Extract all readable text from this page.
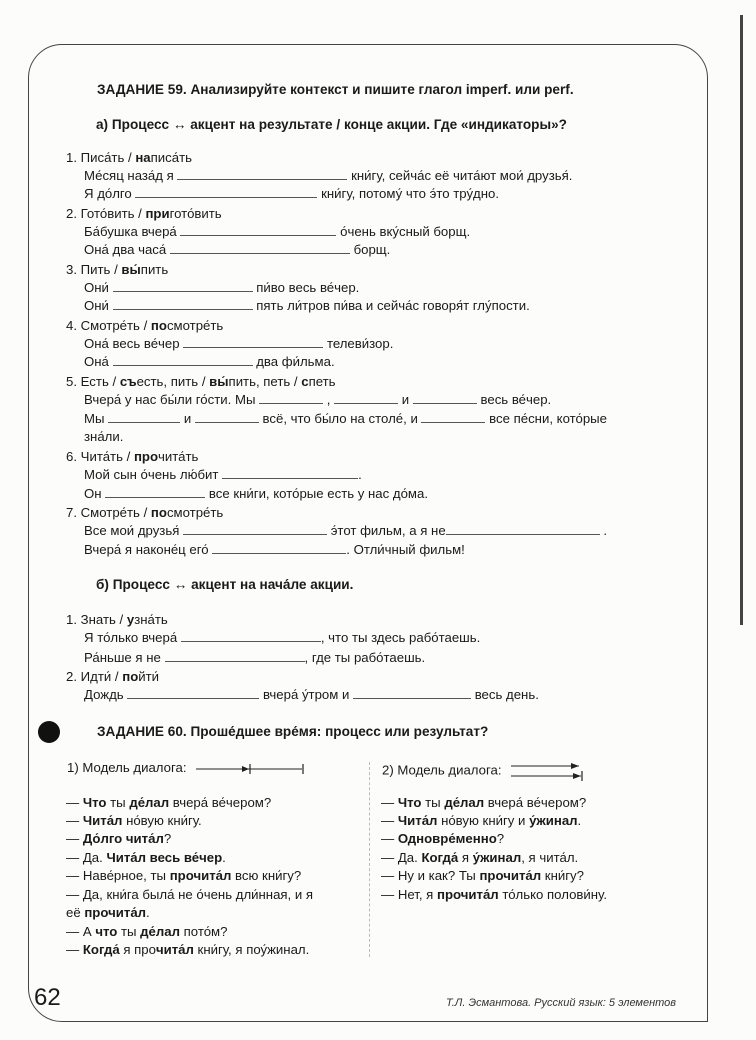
ЗАДАНИЕ 59. Анализируйте контекст и пишите глагол imperf. или perf.
а) Процесс ↔ акцент на результате / конце акции. Где «индикаторы»?
1. Писа́ть / написа́ть
Ме́сяц наза́д я	кни́гу, сейча́с её чита́ют мои́ друзья́.
Я до́лго	кни́гу, потому́ что э́то тру́дно.
2. Гото́вить / пригото́вить
Ба́бушка вчера́	о́чень вку́сный борщ.
Она́ два часа́	борщ.
3. Пить / вы́пить
Они́	пи́во весь ве́чер.
Они́	пять ли́тров пи́ва и сейча́с говоря́т глу́пости.
4. Смотре́ть / посмотре́ть
Она́ весь ве́чер	телеви́зор.
Она́	два фи́льма.
5. Есть / съесть, пить / вы́пить, петь / спеть
Вчера́ у нас бы́ли го́сти. Мы	,	и	весь ве́чер.
Мы	и	всё, что бы́ло на столе́, и	все пе́сни, кото́рые
зна́ли.
6. Чита́ть / прочита́ть
Мой сын о́чень лю́бит	.
Он	все кни́ги, кото́рые есть у нас до́ма.
7. Смотре́ть / посмотре́ть
Все мои́ друзья́	э́тот фильм, а я не	.
Вчера́ я наконе́ц его́	. Отли́чный фильм!
б) Процесс ↔ акцент на нача́ле акции.
1. Знать / узна́ть
Я то́лько вчера́	, что ты здесь рабо́таешь.
Ра́ньше я не	, где ты рабо́таешь.
2. Идти́ / пойти́
Дождь	вчера́ у́тром и	весь день.
ЗАДАНИЕ 60. Проше́дшее вре́мя: процесс или результат?
1) Модель диалога:	2) Модель диалога:
— Что ты де́лал вчера́ ве́чером?
— Чита́л но́вую кни́гу.
— До́лго чита́л?
— Да. Чита́л весь ве́чер.
— Наве́рное, ты прочита́л всю кни́гу?
— Да, кни́га была́ не о́чень дли́нная, и я
её прочита́л.
— А что ты де́лал пото́м?
— Когда́ я прочита́л кни́гу, я поу́жинал.
— Что ты де́лал вчера́ ве́чером?
— Чита́л но́вую кни́гу и у́жинал.
— Одновре́менно?
— Да. Когда́ я у́жинал, я чита́л.
— Ну и как? Ты прочита́л кни́гу?
— Нет, я прочита́л то́лько полови́ну.
62	Т.Л. Эсмантова. Русский язык: 5 элементов
